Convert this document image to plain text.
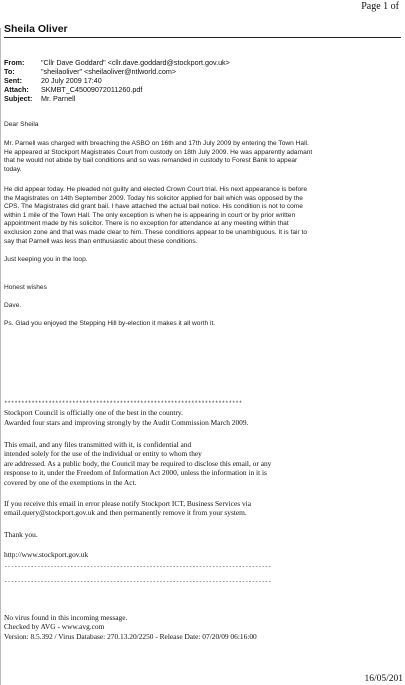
Page 1 of
Sheila Oliver
From: "Cllr Dave Goddard" <cllr.dave.goddard@stockport.gov.uk>
To:	"sheilaoliver" <sheilaoliver@ntlworld.com>
Sent:	20 July 2009 17:40
Attach: SKMBT_C45009072011260.pdf
Subject: Mr. Parnell
Dear Sheila
Mr. Parnell was charged with breaching the ASBO on 16th and 17th July 2009 by entering the Town Hall.
He appeared at Stockport Magistrates Court from custody on 18th July 2009. He was apparently adamant
that he would not abide by bail conditions and so was remanded in custody to Forest Bank to appear
today.
He did appear today. He pleaded not guilty and elected Crown Court trial. His next appearance is before
the Magistrates on 14th September 2009. Today his solicitor applied for bail which was opposed by the
CPS. The Magistrates did grant bail. I have attached the actual bail notice. His condition is not to come
within 1 mile of the Town Hall. The only exception is when he is appearing in court or by prior written
appointment made by his solicitor. There is no exception for attendance at any meeting within that
exclusion zone and that was made clear to him. These conditions appear to be unambiguous. It is fair to
say that Parnell was less than enthusiastic about these conditions.
Just keeping you in the loop.
Honest wishes
Dave.
Ps. Glad you enjoyed the Stepping Hill by-election it makes it all worth it.
**********************************************************************
Stockport Council is officially one of the best in the country.
Awarded four stars and improving strongly by the Audit Commission March 2009.
This email, and any files transmitted with it, is confidential and
intended solely for the use of the individual or entity to whom they
are addressed. As a public body, the Council may be required to disclose this email, or any
response to it, under the Freedom of Information Act 2000, unless the information in it is
covered by one of the exemptions in the Act.
If you receive this email in error please notify Stockport ICT, Business Services via
email.query@stockport.gov.uk and then permanently remove it from your system.
Thank you.
http://www.stockport.gov.uk
---------------------------------------------------------------------------------
---------------------------------------------------------------------------------
No virus found in this incoming message.
Checked by AVG - www.avg.com
Version: 8.5.392 / Virus Database: 270.13.20/2250 - Release Date: 07/20/09 06:16:00
16/05/201
